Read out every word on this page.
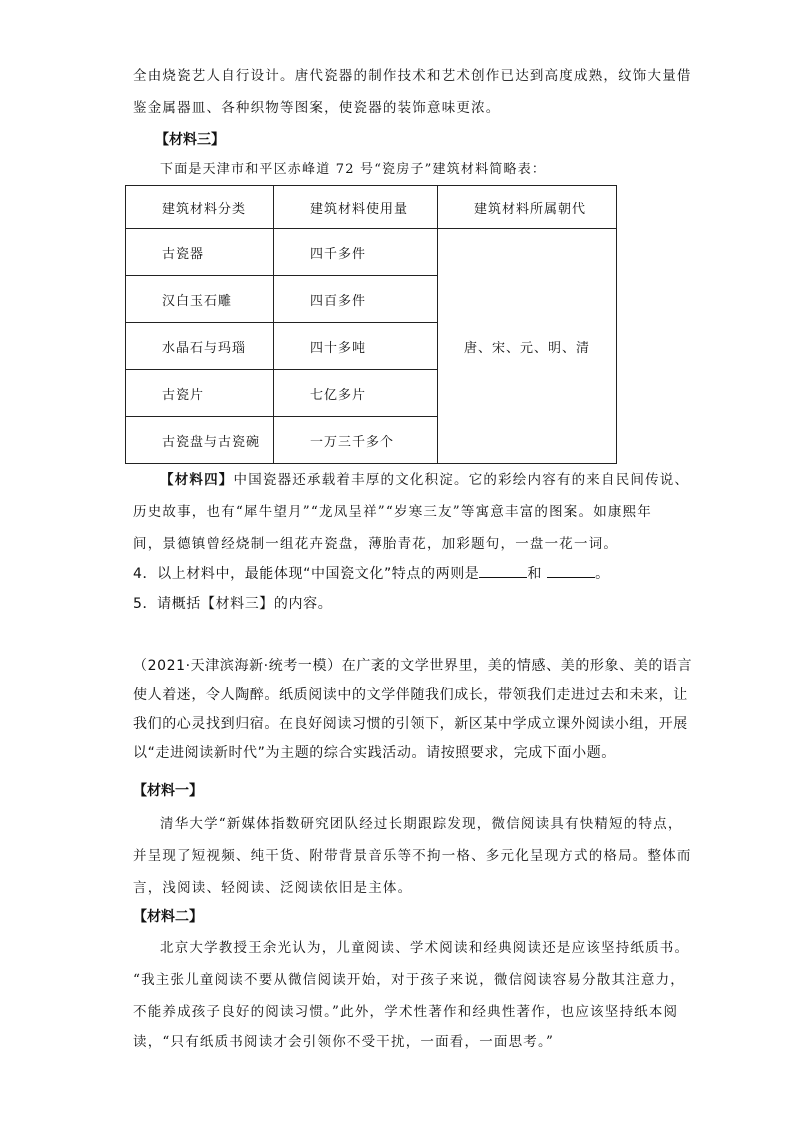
全由烧瓷艺人自行设计。唐代瓷器的制作技术和艺术创作已达到高度成熟，纹饰大量借
鉴金属器皿、各种织物等图案，使瓷器的装饰意味更浓。
【材料三】
下面是天津市和平区赤峰道 72 号“瓷房子”建筑材料简略表：
建筑材料分类	建筑材料使用量	建筑材料所属朝代
古瓷器	四千多件	唐、宋、元、明、清
汉白玉石雕	四百多件	
水晶石与玛瑙	四十多吨	
古瓷片	七亿多片	
古瓷盘与古瓷碗	一万三千多个	
【材料四】中国瓷器还承载着丰厚的文化积淀。它的彩绘内容有的来自民间传说、
历史故事，也有“犀牛望月”“龙凤呈祥”“岁寒三友”等寓意丰富的图案。如康熙年
间，景德镇曾经烧制一组花卉瓷盘，薄胎青花，加彩题句，一盘一花一词。
4．以上材料中，最能体现“中国瓷文化”特点的两则是	和	。
5．请概括【材料三】的内容。
（2021·天津滨海新·统考一模）在广袤的文学世界里，美的情感、美的形象、美的语言
使人着迷，令人陶醉。纸质阅读中的文学伴随我们成长，带领我们走进过去和未来，让
我们的心灵找到归宿。在良好阅读习惯的引领下，新区某中学成立课外阅读小组，开展
以“走进阅读新时代”为主题的综合实践活动。请按照要求，完成下面小题。
【材料一】
清华大学“新媒体指数研究团队经过长期跟踪发现，微信阅读具有快精短的特点，
并呈现了短视频、纯干货、附带背景音乐等不拘一格、多元化呈现方式的格局。整体而
言，浅阅读、轻阅读、泛阅读依旧是主体。
【材料二】
北京大学教授王余光认为，儿童阅读、学术阅读和经典阅读还是应该坚持纸质书。
“我主张儿童阅读不要从微信阅读开始，对于孩子来说，微信阅读容易分散其注意力，
不能养成孩子良好的阅读习惯。”此外，学术性著作和经典性著作，也应该坚持纸本阅
读，“只有纸质书阅读才会引领你不受干扰，一面看，一面思考。”
